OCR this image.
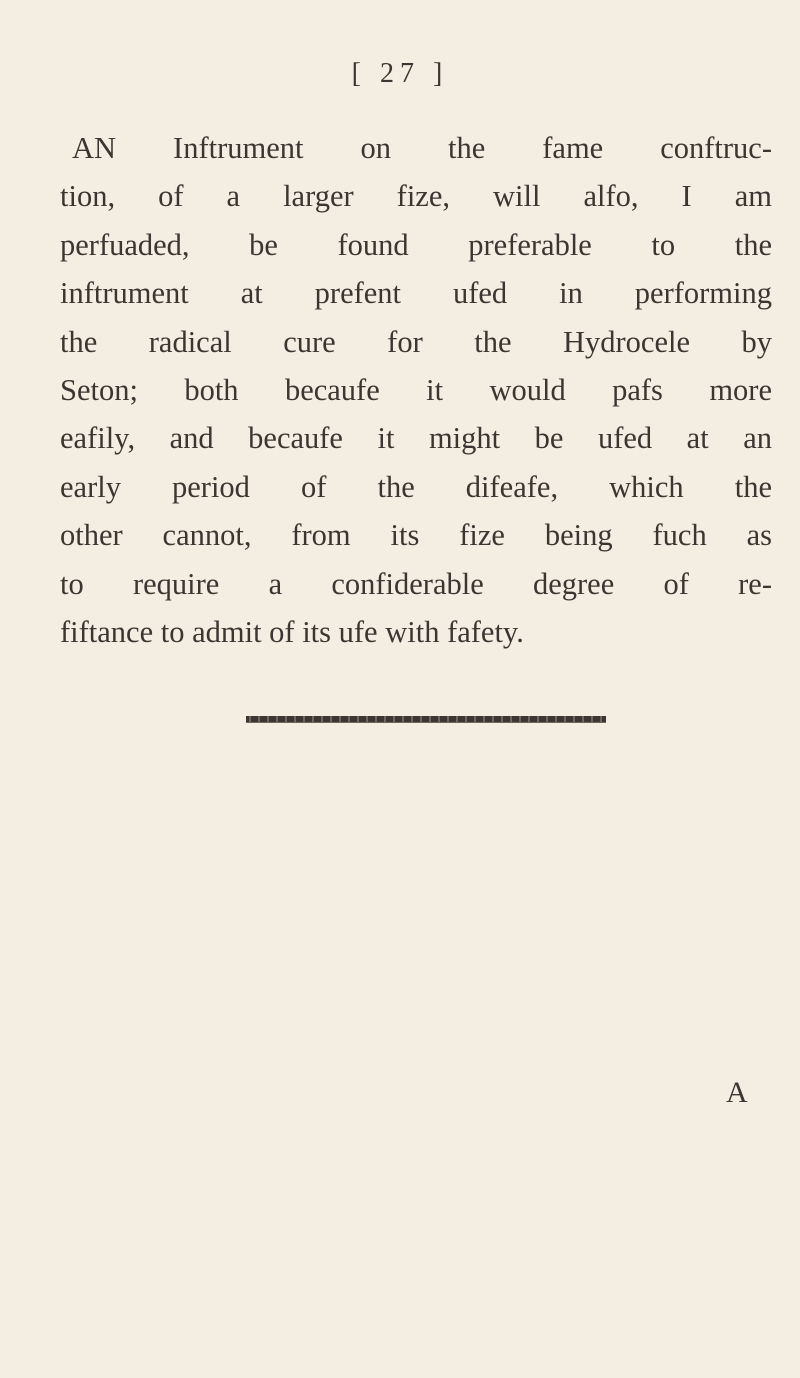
[ 27 ]
AN Inftrument on the fame conftruc-
tion, of a larger fize, will alfo, I am
perfuaded, be found preferable to the
inftrument at prefent ufed in performing
the radical cure for the Hydrocele by
Seton; both becaufe it would pafs more
eafily, and becaufe it might be ufed at an
early period of the difeafe, which the
other cannot, from its fize being fuch as
to require a confiderable degree of re-
fiftance to admit of its ufe with fafety.
A
